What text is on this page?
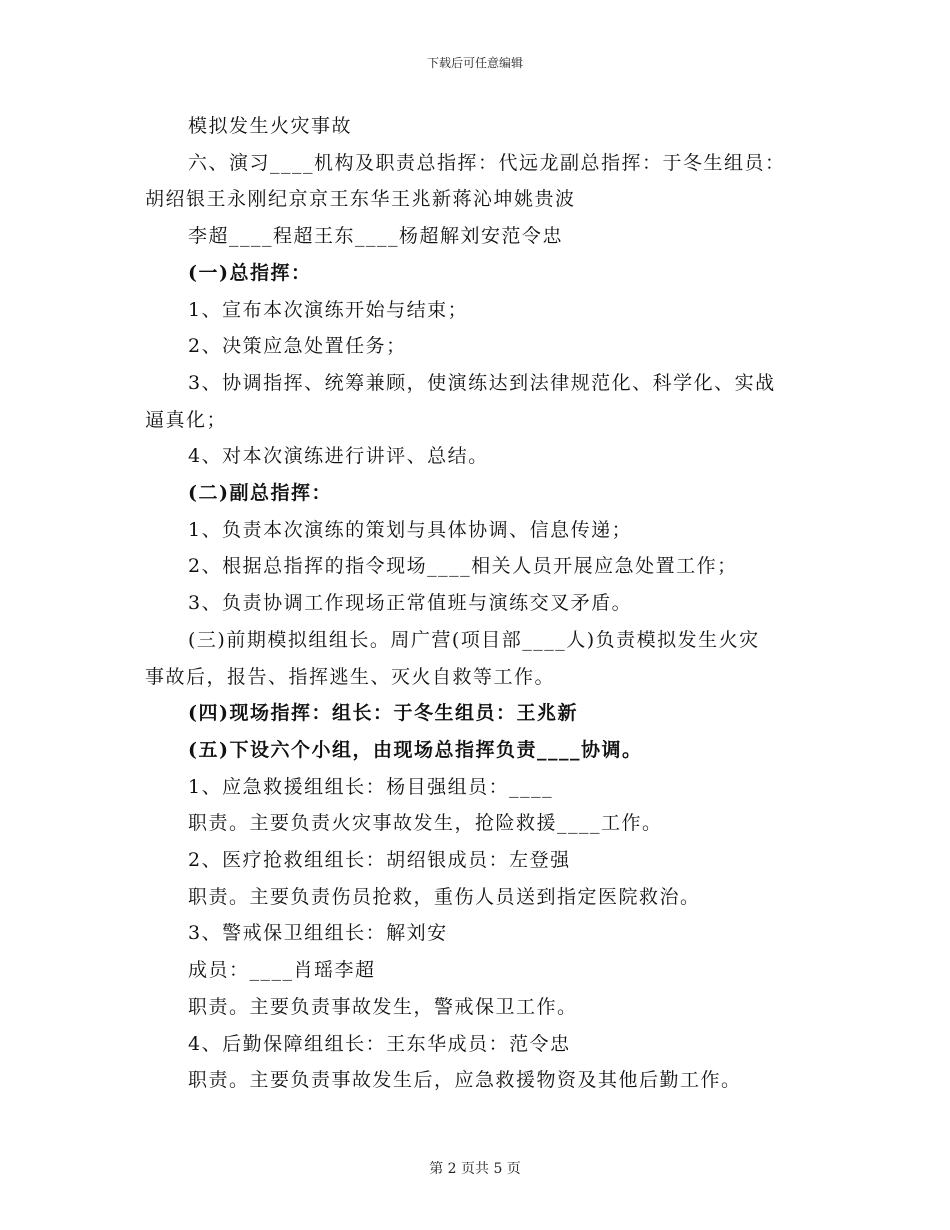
下载后可任意编辑
模拟发生火灾事故
六、演习____机构及职责总指挥：代远龙副总指挥：于冬生组员：
胡绍银王永刚纪京京王东华王兆新蒋沁坤姚贵波
李超____程超王东____杨超解刘安范令忠
(一)总指挥：
1、宣布本次演练开始与结束；
2、决策应急处置任务；
3、协调指挥、统筹兼顾，使演练达到法律规范化、科学化、实战
逼真化；
4、对本次演练进行讲评、总结。
(二)副总指挥：
1、负责本次演练的策划与具体协调、信息传递；
2、根据总指挥的指令现场____相关人员开展应急处置工作；
3、负责协调工作现场正常值班与演练交叉矛盾。
(三)前期模拟组组长。周广营(项目部____人)负责模拟发生火灾
事故后，报告、指挥逃生、灭火自救等工作。
(四)现场指挥：组长：于冬生组员：王兆新
(五)下设六个小组，由现场总指挥负责____协调。
1、应急救援组组长：杨目强组员：____
职责。主要负责火灾事故发生，抢险救援____工作。
2、医疗抢救组组长：胡绍银成员：左登强
职责。主要负责伤员抢救，重伤人员送到指定医院救治。
3、警戒保卫组组长：解刘安
成员：____肖瑶李超
职责。主要负责事故发生，警戒保卫工作。
4、后勤保障组组长：王东华成员：范令忠
职责。主要负责事故发生后，应急救援物资及其他后勤工作。
第 2 页共 5 页
